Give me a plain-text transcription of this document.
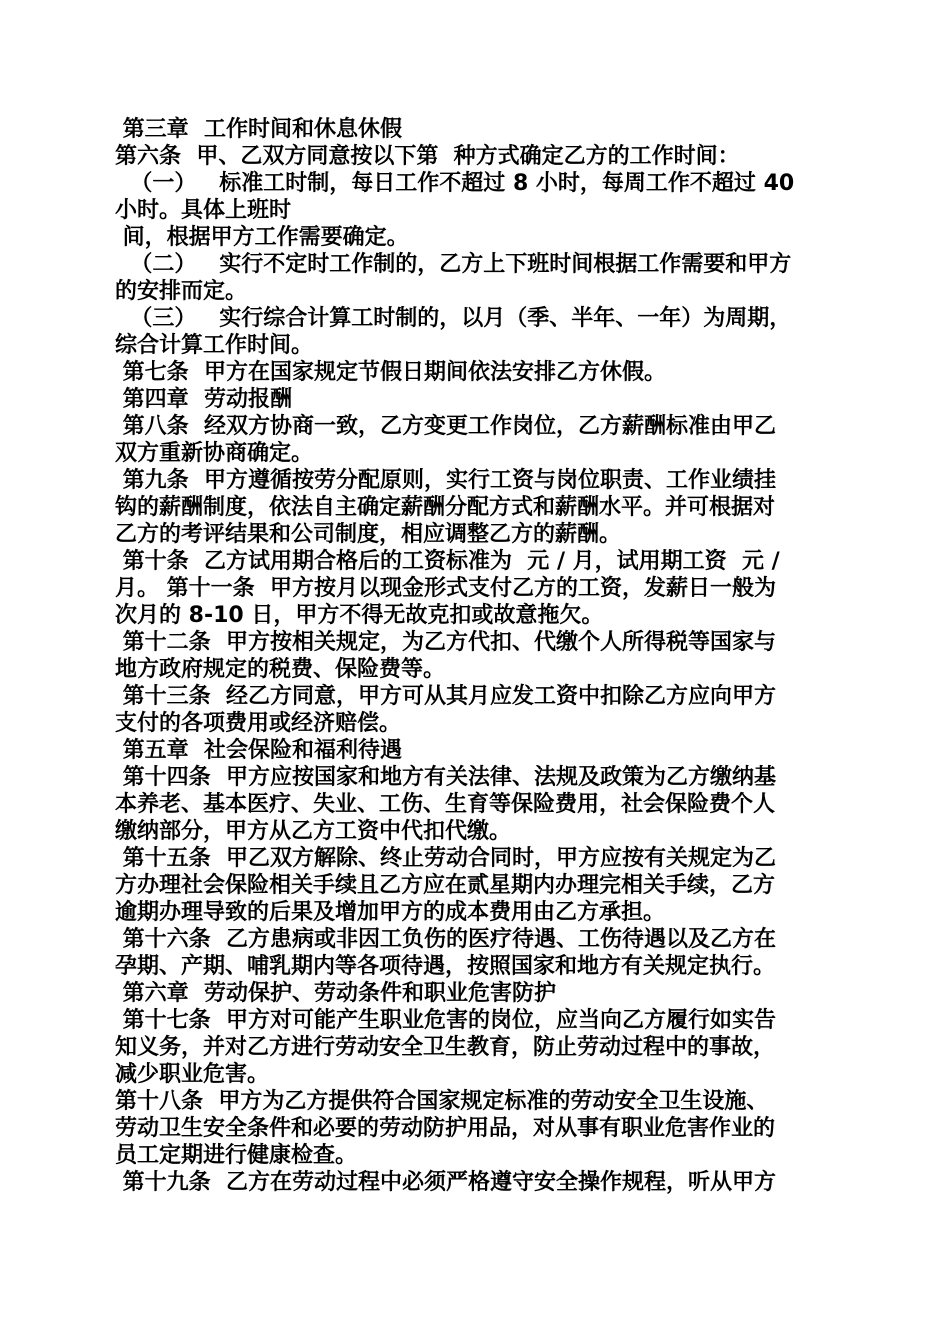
第三章  工作时间和休息休假
第六条  甲、乙双方同意按以下第  种方式确定乙方的工作时间：
（一）   标准工时制，每日工作不超过 8 小时，每周工作不超过 40
小时。具体上班时
间，根据甲方工作需要确定。
（二）   实行不定时工作制的，乙方上下班时间根据工作需要和甲方
的安排而定。
（三）   实行综合计算工时制的，以月（季、半年、一年）为周期，
综合计算工作时间。
第七条  甲方在国家规定节假日期间依法安排乙方休假。
第四章  劳动报酬
第八条  经双方协商一致，乙方变更工作岗位，乙方薪酬标准由甲乙
双方重新协商确定。
第九条  甲方遵循按劳分配原则，实行工资与岗位职责、工作业绩挂
钩的薪酬制度，依法自主确定薪酬分配方式和薪酬水平。并可根据对
乙方的考评结果和公司制度，相应调整乙方的薪酬。
第十条  乙方试用期合格后的工资标准为  元 / 月，试用期工资  元 /
月。 第十一条  甲方按月以现金形式支付乙方的工资，发薪日一般为
次月的 8-10 日，甲方不得无故克扣或故意拖欠。
第十二条  甲方按相关规定，为乙方代扣、代缴个人所得税等国家与
地方政府规定的税费、保险费等。
第十三条  经乙方同意，甲方可从其月应发工资中扣除乙方应向甲方
支付的各项费用或经济赔偿。
第五章  社会保险和福利待遇
第十四条  甲方应按国家和地方有关法律、法规及政策为乙方缴纳基
本养老、基本医疗、失业、工伤、生育等保险费用，社会保险费个人
缴纳部分，甲方从乙方工资中代扣代缴。
第十五条  甲乙双方解除、终止劳动合同时，甲方应按有关规定为乙
方办理社会保险相关手续且乙方应在贰星期内办理完相关手续，乙方
逾期办理导致的后果及增加甲方的成本费用由乙方承担。
第十六条  乙方患病或非因工负伤的医疗待遇、工伤待遇以及乙方在
孕期、产期、哺乳期内等各项待遇，按照国家和地方有关规定执行。
第六章  劳动保护、劳动条件和职业危害防护
第十七条  甲方对可能产生职业危害的岗位，应当向乙方履行如实告
知义务，并对乙方进行劳动安全卫生教育，防止劳动过程中的事故，
减少职业危害。
第十八条  甲方为乙方提供符合国家规定标准的劳动安全卫生设施、
劳动卫生安全条件和必要的劳动防护用品，对从事有职业危害作业的
员工定期进行健康检查。
第十九条  乙方在劳动过程中必须严格遵守安全操作规程，听从甲方
